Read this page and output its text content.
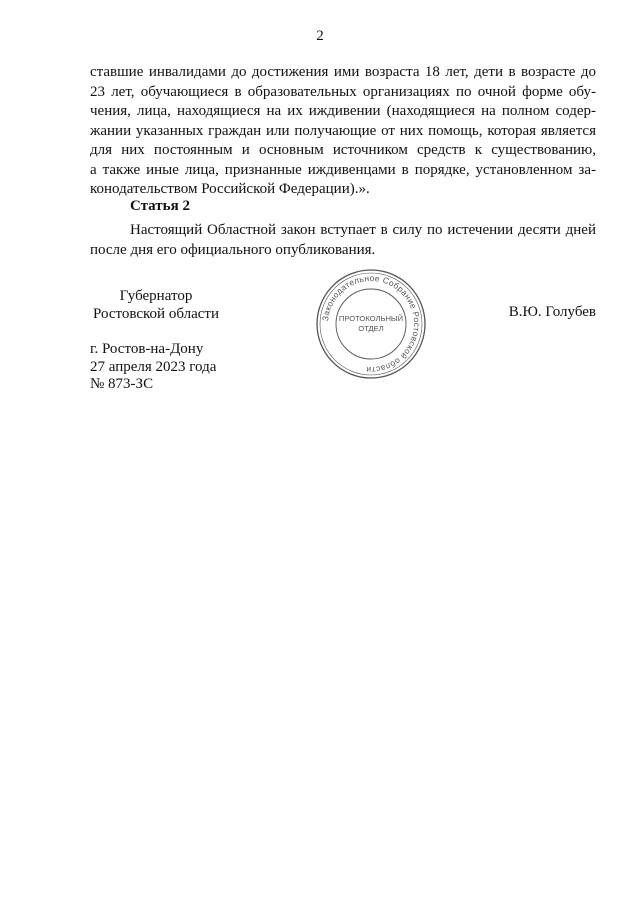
2
ставшие инвалидами до достижения ими возраста 18 лет, дети в возрасте до
23 лет, обучающиеся в образовательных организациях по очной форме обу-
чения, лица, находящиеся на их иждивении (находящиеся на полном содер-
жании указанных граждан или получающие от них помощь, которая является
для них постоянным и основным источником средств к существованию,
а также иные лица, признанные иждивенцами в порядке, установленном за-
конодательством Российской Федерации).».
Статья 2
Настоящий Областной закон вступает в силу по истечении десяти дней
после дня его официального опубликования.
Губернатор
Ростовской области	Законодательное Собрание Ростовской области
ПРОТОКОЛЬНЫЙ
ОТДЕЛ
В.Ю. Голубев
г. Ростов-на-Дону
27 апреля 2023 года
№ 873-ЗС
